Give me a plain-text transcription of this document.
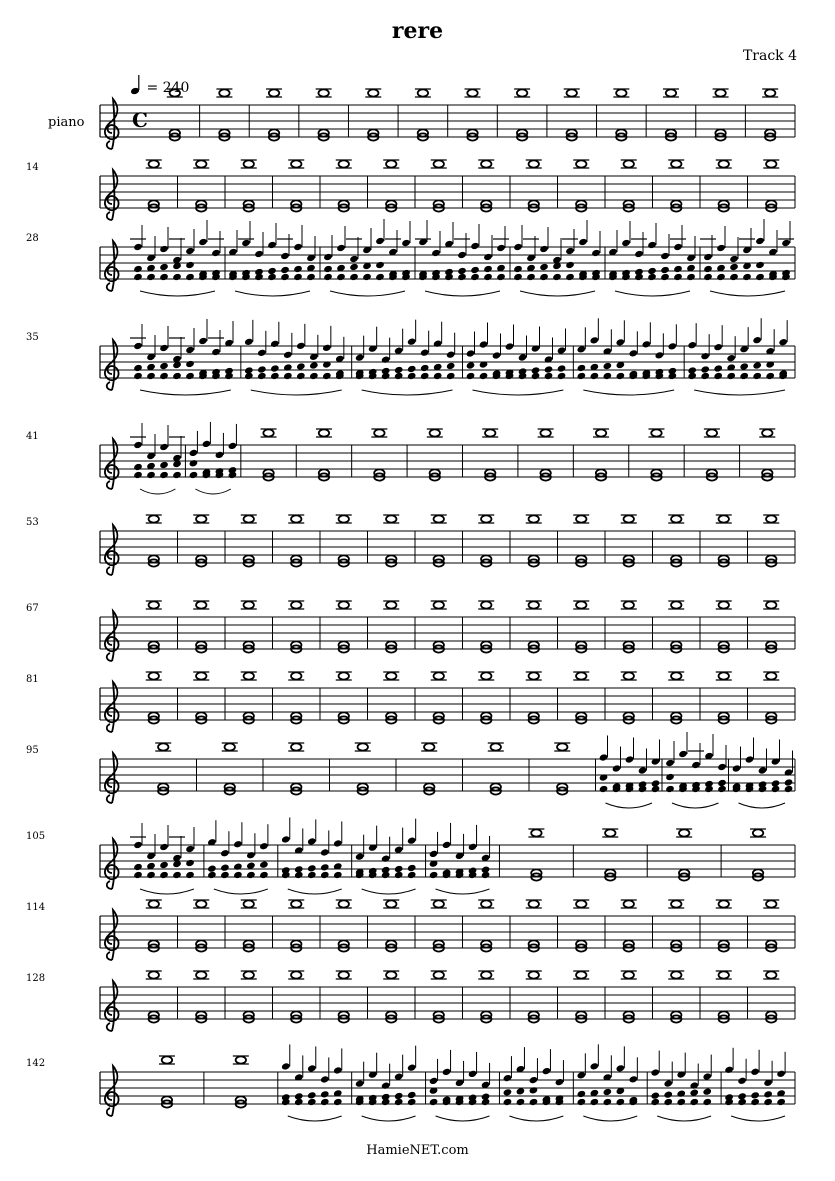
rere
Track 4
= 240
piano
14
28
35
41
53
67
81
95
105
114
128
142
C
HamieNET.com
